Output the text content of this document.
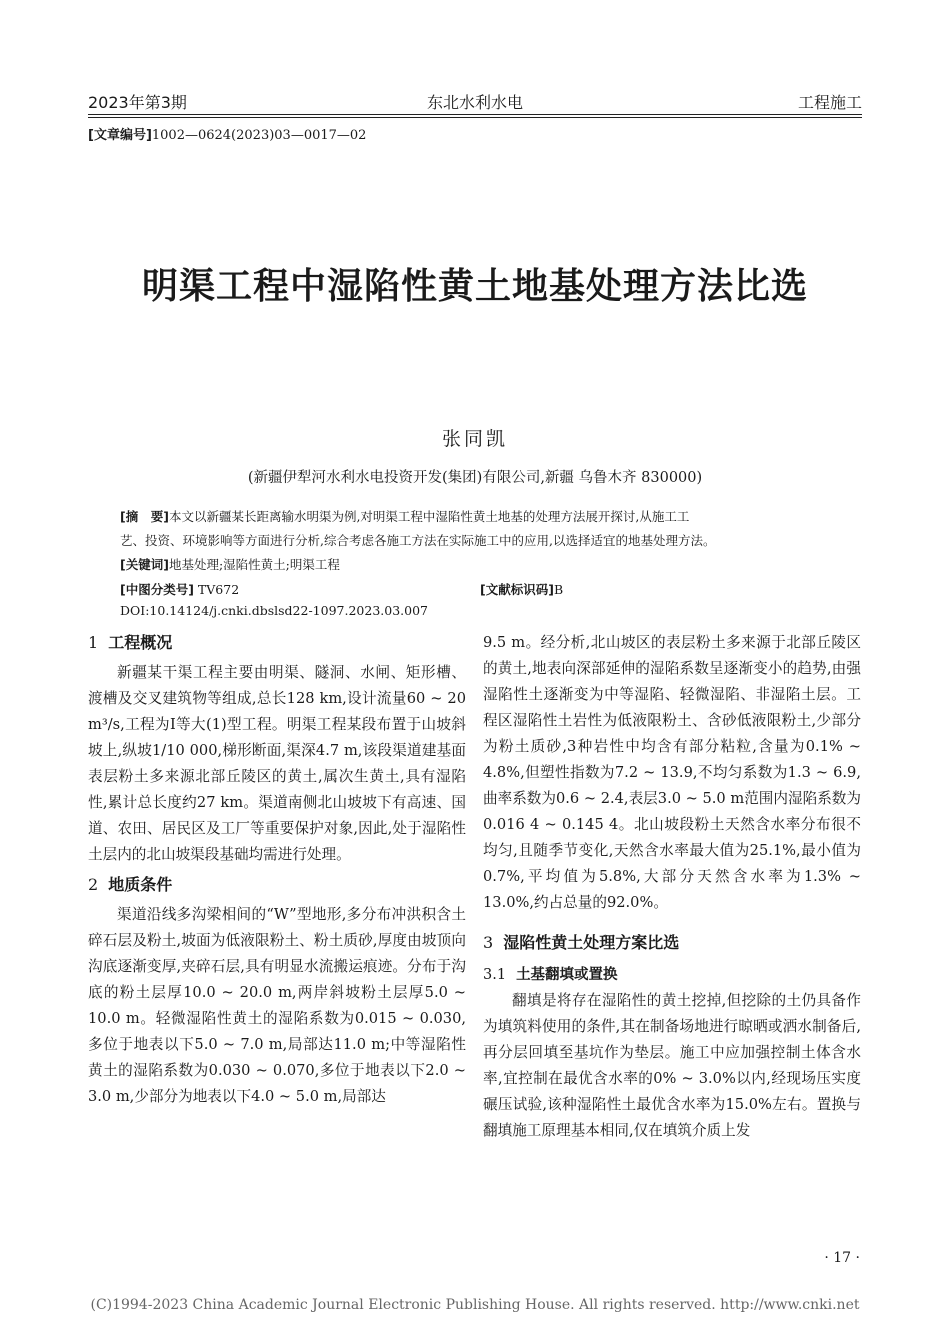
2023年第3期	东北水利水电	工程施工
[文章编号]1002—0624(2023)03—0017—02
明渠工程中湿陷性黄土地基处理方法比选
张同凯
(新疆伊犁河水利水电投资开发(集团)有限公司,新疆 乌鲁木齐 830000)
[摘　要]本文以新疆某长距离输水明渠为例,对明渠工程中湿陷性黄土地基的处理方法展开探讨,从施工工
艺、投资、环境影响等方面进行分析,综合考虑各施工方法在实际施工中的应用,以选择适宜的地基处理方法。
[关键词]地基处理;湿陷性黄土;明渠工程
[中图分类号] TV672	[文献标识码]B
DOI:10.14124/j.cnki.dbslsd22-1097.2023.03.007
1 工程概况

新疆某干渠工程主要由明渠、隧洞、水闸、矩形槽、渡槽及交叉建筑物等组成,总长128 km,设计流量60 ~ 20 m³/s,工程为Ⅰ等大(1)型工程。明渠工程某段布置于山坡斜坡上,纵坡1/10 000,梯形断面,渠深4.7 m,该段渠道建基面表层粉土多来源北部丘陵区的黄土,属次生黄土,具有湿陷性,累计总长度约27 km。渠道南侧北山坡坡下有高速、国道、农田、居民区及工厂等重要保护对象,因此,处于湿陷性土层内的北山坡渠段基础均需进行处理。

2 地质条件

渠道沿线多沟梁相间的“W”型地形,多分布冲洪积含土碎石层及粉土,坡面为低液限粉土、粉土质砂,厚度由坡顶向沟底逐渐变厚,夹碎石层,具有明显水流搬运痕迹。分布于沟底的粉土层厚10.0 ~ 20.0 m,两岸斜坡粉土层厚5.0 ~ 10.0 m。轻微湿陷性黄土的湿陷系数为0.015 ~ 0.030,多位于地表以下5.0 ~ 7.0 m,局部达11.0 m;中等湿陷性黄土的湿陷系数为0.030 ~ 0.070,多位于地表以下2.0 ~ 3.0 m,少部分为地表以下4.0 ~ 5.0 m,局部达

9.5 m。经分析,北山坡区的表层粉土多来源于北部丘陵区的黄土,地表向深部延伸的湿陷系数呈逐渐变小的趋势,由强湿陷性土逐渐变为中等湿陷、轻微湿陷、非湿陷土层。工程区湿陷性土岩性为低液限粉土、含砂低液限粉土,少部分为粉土质砂,3种岩性中均含有部分粘粒,含量为0.1% ~ 4.8%,但塑性指数为7.2 ~ 13.9,不均匀系数为1.3 ~ 6.9,曲率系数为0.6 ~ 2.4,表层3.0 ~ 5.0 m范围内湿陷系数为0.016 4 ~ 0.145 4。北山坡段粉土天然含水率分布很不均匀,且随季节变化,天然含水率最大值为25.1%,最小值为0.7%,平均值为5.8%,大部分天然含水率为1.3% ~ 13.0%,约占总量的92.0%。

3 湿陷性黄土处理方案比选
3.1 土基翻填或置换

翻填是将存在湿陷性的黄土挖掉,但挖除的土仍具备作为填筑料使用的条件,其在制备场地进行晾晒或洒水制备后,再分层回填至基坑作为垫层。施工中应加强控制土体含水率,宜控制在最优含水率的0% ~ 3.0%以内,经现场压实度碾压试验,该种湿陷性土最优含水率为15.0%左右。置换与翻填施工原理基本相同,仅在填筑介质上发

· 17 ·
(C)1994-2023 China Academic Journal Electronic Publishing House. All rights reserved. http://www.cnki.net
